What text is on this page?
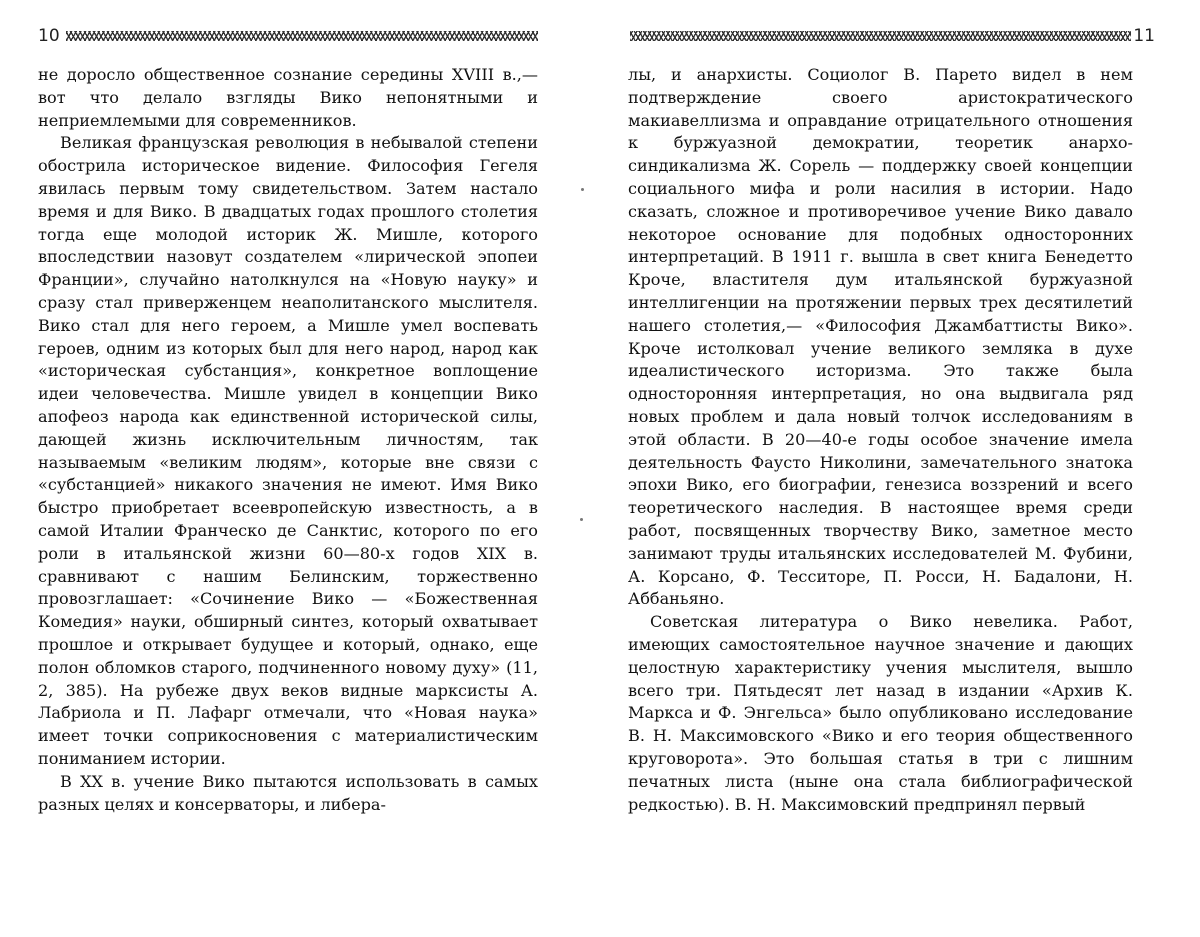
10

не доросло общественное сознание середины XVIII в.,— вот что делало взгляды Вико непонятными и неприемлемыми для современников.

Великая французская революция в небывалой степени обострила историческое видение. Философия Гегеля явилась первым тому свидетельством. Затем настало время и для Вико. В двадцатых годах прошлого столетия тогда еще молодой историк Ж. Мишле, которого впоследствии назовут создателем «лирической эпопеи Франции», случайно натолкнулся на «Новую науку» и сразу стал приверженцем неаполитанского мыслителя. Вико стал для него героем, а Мишле умел воспевать героев, одним из которых был для него народ, народ как «историческая субстанция», конкретное воплощение идеи человечества. Мишле увидел в концепции Вико апофеоз народа как единственной исторической силы, дающей жизнь исключительным личностям, так называемым «великим людям», которые вне связи с «субстанцией» никакого значения не имеют. Имя Вико быстро приобретает всеевропейскую известность, а в самой Италии Франческо де Санктис, которого по его роли в итальянской жизни 60—80-х годов XIX в. сравнивают с нашим Белинским, торжественно провозглашает: «Сочинение Вико — «Божественная Комедия» науки, обширный синтез, который охватывает прошлое и открывает будущее и который, однако, еще полон обломков старого, подчиненного новому духу» (11, 2, 385). На рубеже двух веков видные марксисты А. Лабриола и П. Лафарг отмечали, что «Новая наука» имеет точки соприкосновения с материалистическим пониманием истории.

В XX в. учение Вико пытаются использовать в самых разных целях и консерваторы, и либера-

11

лы, и анархисты. Социолог В. Парето видел в нем подтверждение своего аристократического макиавеллизма и оправдание отрицательного отношения к буржуазной демократии, теоретик анархо-синдикализма Ж. Сорель — поддержку своей концепции социального мифа и роли насилия в истории. Надо сказать, сложное и противоречивое учение Вико давало некоторое основание для подобных односторонних интерпретаций. В 1911 г. вышла в свет книга Бенедетто Кроче, властителя дум итальянской буржуазной интеллигенции на протяжении первых трех десятилетий нашего столетия,— «Философия Джамбаттисты Вико». Кроче истолковал учение великого земляка в духе идеалистического историзма. Это также была односторонняя интерпретация, но она выдвигала ряд новых проблем и дала новый толчок исследованиям в этой области. В 20—40-е годы особое значение имела деятельность Фаусто Николини, замечательного знатока эпохи Вико, его биографии, генезиса воззрений и всего теоретического наследия. В настоящее время среди работ, посвященных творчеству Вико, заметное место занимают труды итальянских исследователей М. Фубини, А. Корсано, Ф. Тесситоре, П. Росси, Н. Бадалони, Н. Аббаньяно.

Советская литература о Вико невелика. Работ, имеющих самостоятельное научное значение и дающих целостную характеристику учения мыслителя, вышло всего три. Пятьдесят лет назад в издании «Архив К. Маркса и Ф. Энгельса» было опубликовано исследование В. Н. Максимовского «Вико и его теория общественного круговорота». Это большая статья в три с лишним печатных листа (ныне она стала библиографической редкостью). В. Н. Максимовский предпринял первый
